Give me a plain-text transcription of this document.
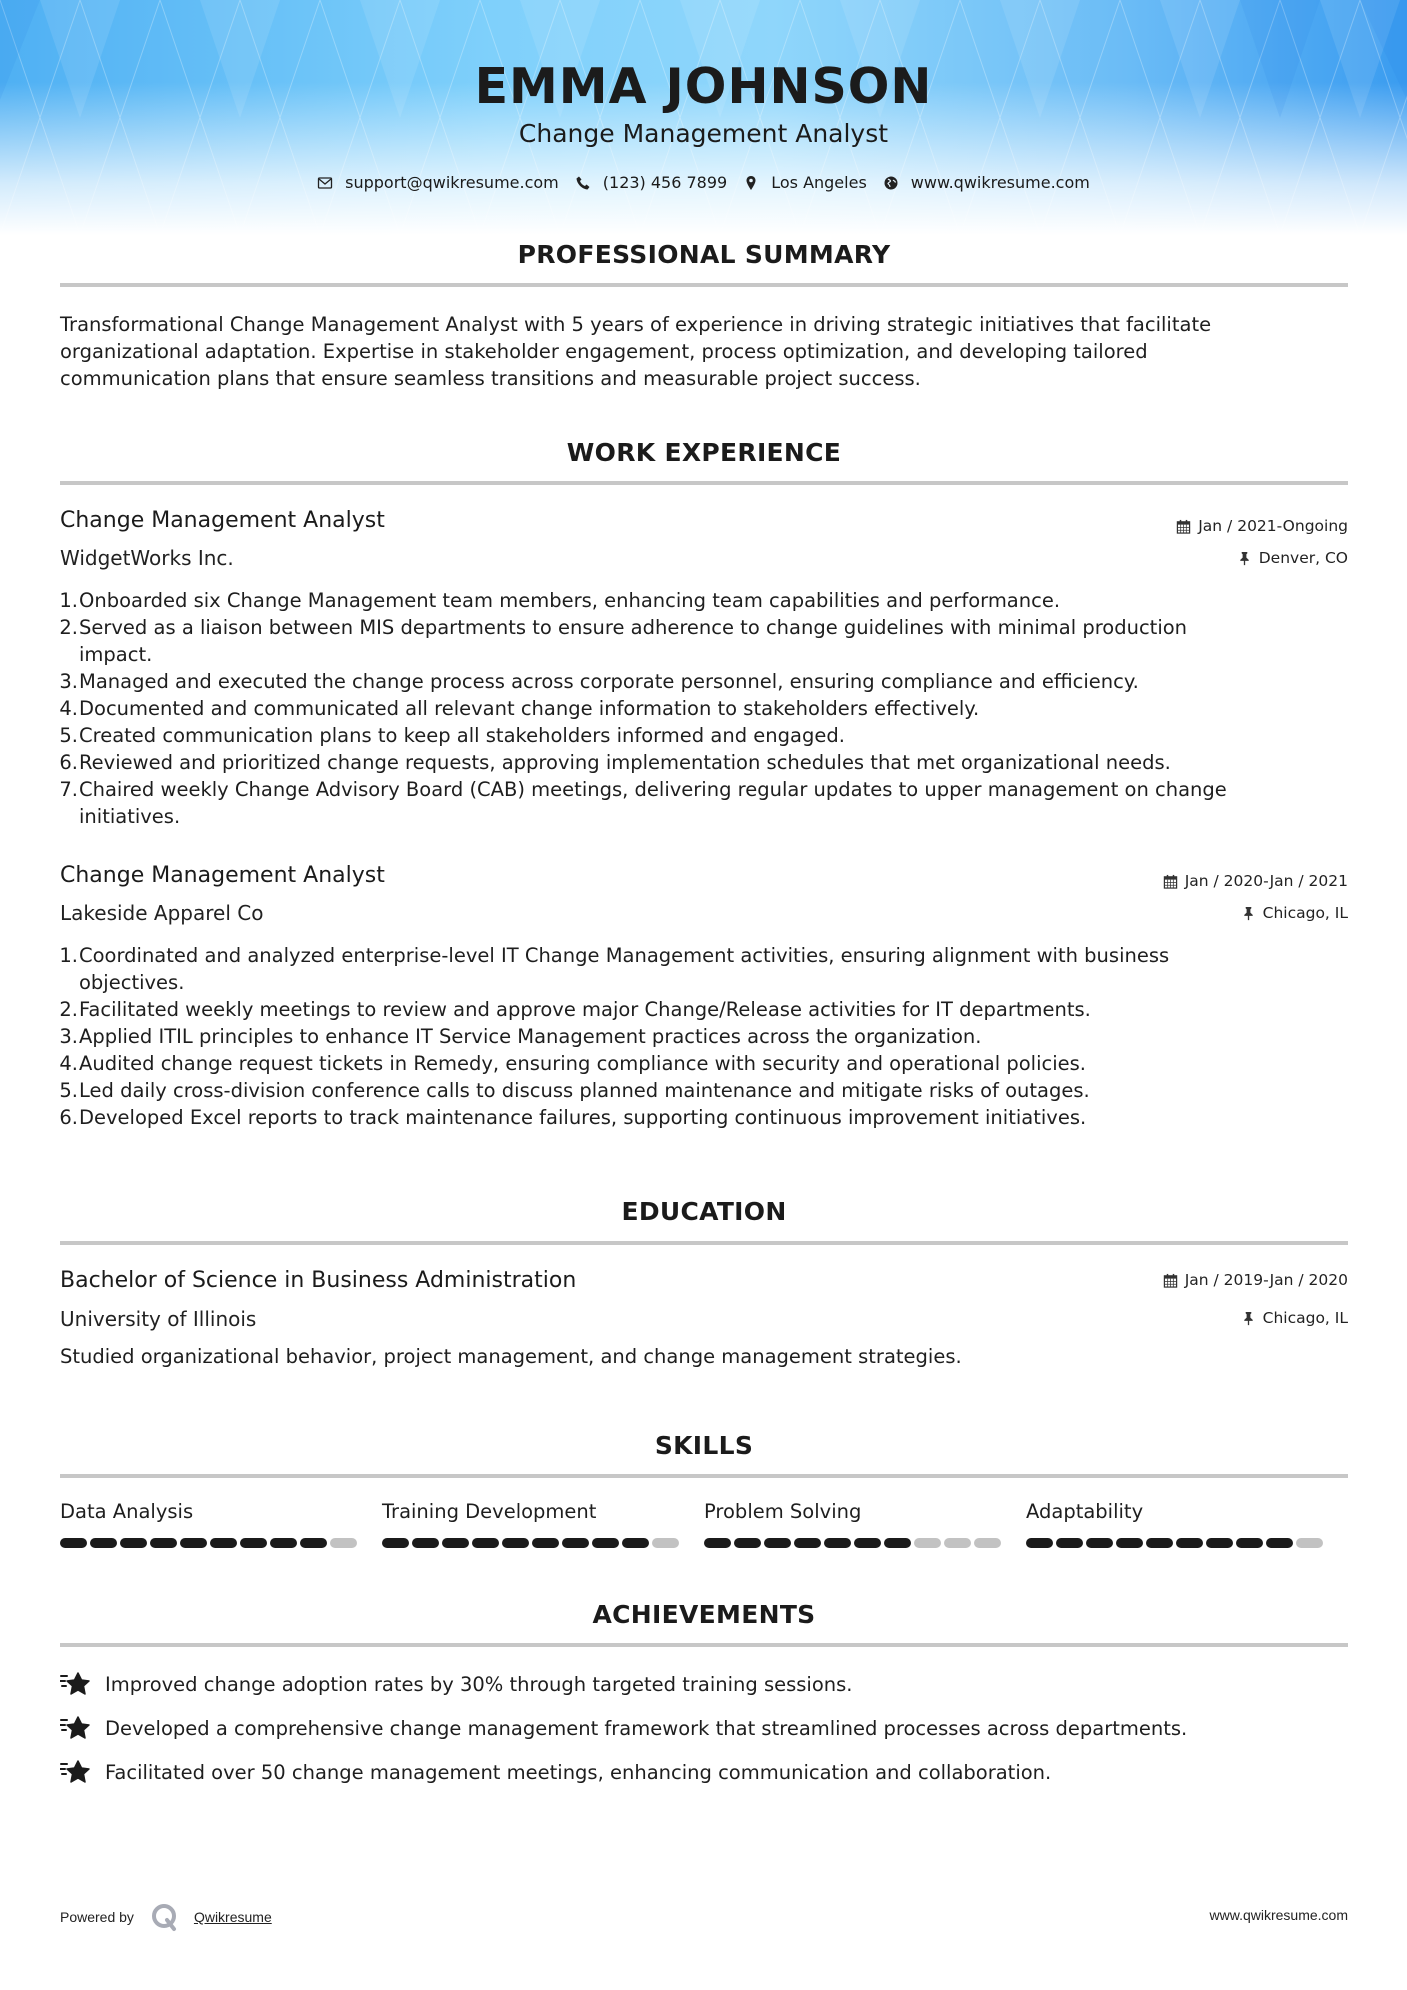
EMMA JOHNSON
Change Management Analyst
support@qwikresume.com	(123) 456 7899	Los Angeles	www.qwikresume.com
PROFESSIONAL SUMMARY
Transformational Change Management Analyst with 5 years of experience in driving strategic initiatives that facilitate
organizational adaptation. Expertise in stakeholder engagement, process optimization, and developing tailored
communication plans that ensure seamless transitions and measurable project success.
WORK EXPERIENCE
Change Management Analyst	Jan / 2021-Ongoing
WidgetWorks Inc.	Denver, CO
1. Onboarded six Change Management team members, enhancing team capabilities and performance.
2. Served as a liaison between MIS departments to ensure adherence to change guidelines with minimal production
impact.
3. Managed and executed the change process across corporate personnel, ensuring compliance and efficiency.
4. Documented and communicated all relevant change information to stakeholders effectively.
5. Created communication plans to keep all stakeholders informed and engaged.
6. Reviewed and prioritized change requests, approving implementation schedules that met organizational needs.
7. Chaired weekly Change Advisory Board (CAB) meetings, delivering regular updates to upper management on change
initiatives.
Change Management Analyst	Jan / 2020-Jan / 2021
Lakeside Apparel Co	Chicago, IL
1. Coordinated and analyzed enterprise-level IT Change Management activities, ensuring alignment with business
objectives.
2. Facilitated weekly meetings to review and approve major Change/Release activities for IT departments.
3. Applied ITIL principles to enhance IT Service Management practices across the organization.
4. Audited change request tickets in Remedy, ensuring compliance with security and operational policies.
5. Led daily cross-division conference calls to discuss planned maintenance and mitigate risks of outages.
6. Developed Excel reports to track maintenance failures, supporting continuous improvement initiatives.
EDUCATION
Bachelor of Science in Business Administration	Jan / 2019-Jan / 2020
University of Illinois	Chicago, IL
Studied organizational behavior, project management, and change management strategies.
SKILLS
Data Analysis	Training Development	Problem Solving	Adaptability
ACHIEVEMENTS
Improved change adoption rates by 30% through targeted training sessions.
Developed a comprehensive change management framework that streamlined processes across departments.
Facilitated over 50 change management meetings, enhancing communication and collaboration.
Powered by	Qwikresume	www.qwikresume.com
